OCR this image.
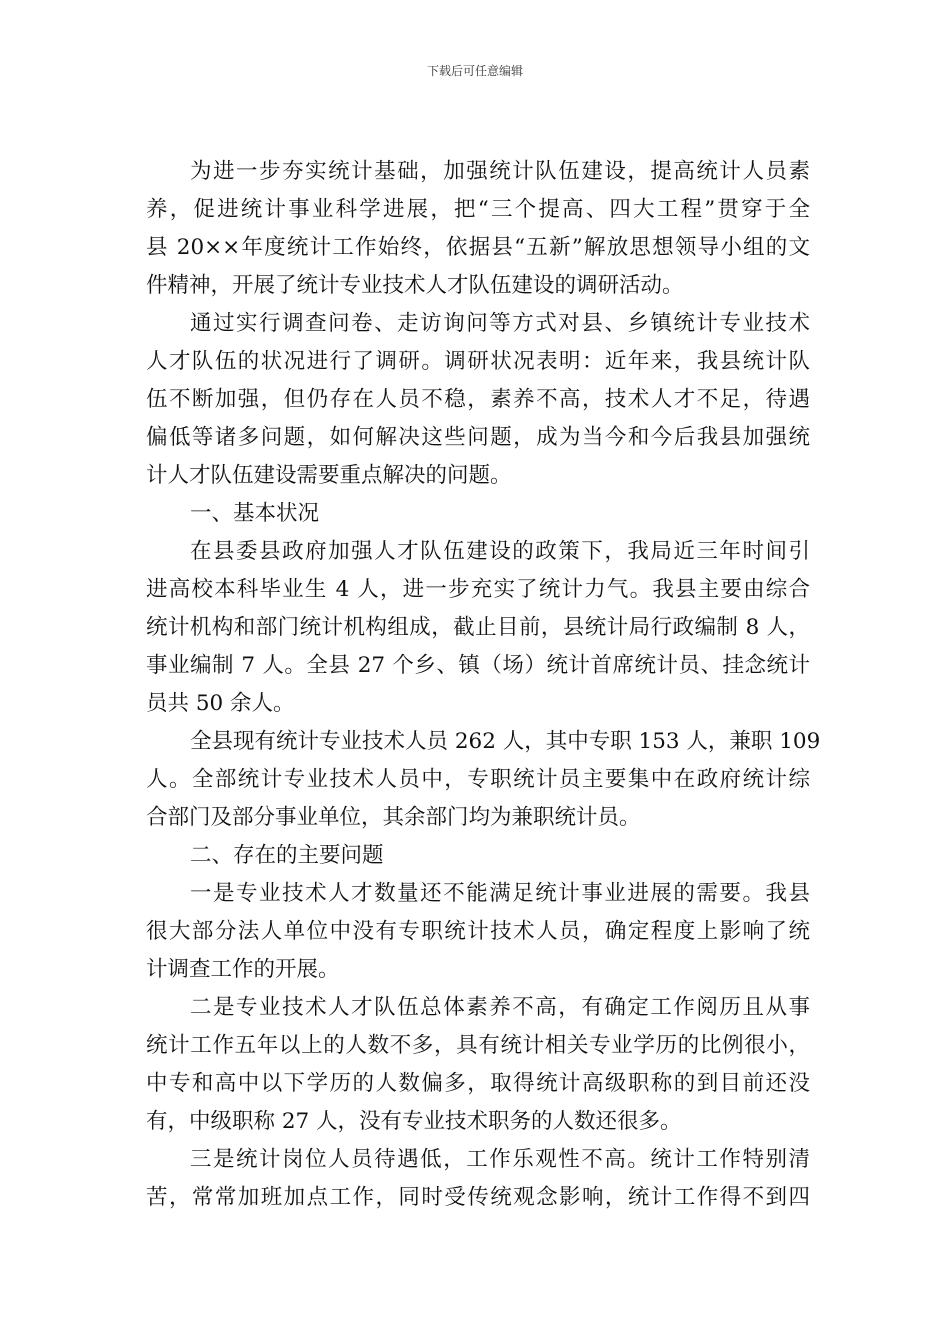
下载后可任意编辑
为进一步夯实统计基础，加强统计队伍建设，提高统计人员素
养，促进统计事业科学进展，把“三个提高、四大工程”贯穿于全
县 20××年度统计工作始终，依据县“五新”解放思想领导小组的文
件精神，开展了统计专业技术人才队伍建设的调研活动。
通过实行调查问卷、走访询问等方式对县、乡镇统计专业技术
人才队伍的状况进行了调研。调研状况表明：近年来，我县统计队
伍不断加强，但仍存在人员不稳，素养不高，技术人才不足，待遇
偏低等诸多问题，如何解决这些问题，成为当今和今后我县加强统
计人才队伍建设需要重点解决的问题。
一、基本状况
在县委县政府加强人才队伍建设的政策下，我局近三年时间引
进高校本科毕业生 4 人，进一步充实了统计力气。我县主要由综合
统计机构和部门统计机构组成，截止目前，县统计局行政编制 8 人，
事业编制 7 人。全县 27 个乡、镇（场）统计首席统计员、挂念统计
员共 50 余人。
全县现有统计专业技术人员 262 人，其中专职 153 人，兼职 109
人。全部统计专业技术人员中，专职统计员主要集中在政府统计综
合部门及部分事业单位，其余部门均为兼职统计员。
二、存在的主要问题
一是专业技术人才数量还不能满足统计事业进展的需要。我县
很大部分法人单位中没有专职统计技术人员，确定程度上影响了统
计调查工作的开展。
二是专业技术人才队伍总体素养不高，有确定工作阅历且从事
统计工作五年以上的人数不多，具有统计相关专业学历的比例很小，
中专和高中以下学历的人数偏多，取得统计高级职称的到目前还没
有，中级职称 27 人，没有专业技术职务的人数还很多。
三是统计岗位人员待遇低，工作乐观性不高。统计工作特别清
苦，常常加班加点工作，同时受传统观念影响，统计工作得不到四
